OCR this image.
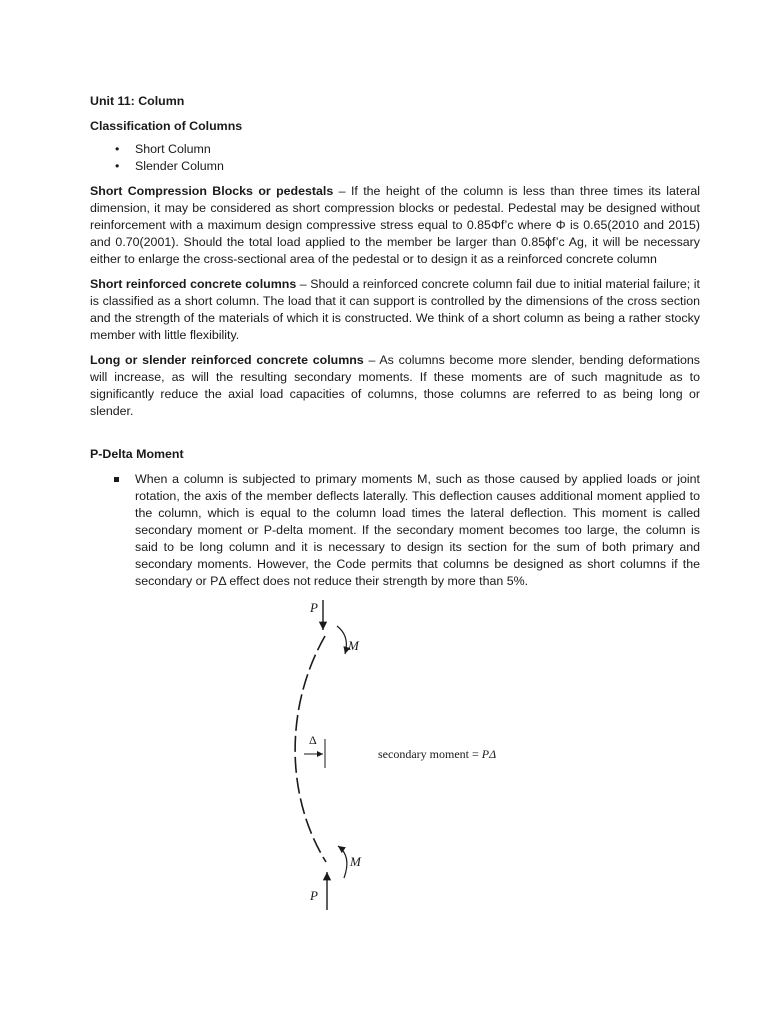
Unit 11: Column

Classification of Columns

• Short Column
• Slender Column

Short Compression Blocks or pedestals – If the height of the column is less than three times its lateral dimension, it may be considered as short compression blocks or pedestal. Pedestal may be designed without reinforcement with a maximum design compressive stress equal to 0.85Φf’c where Φ is 0.65(2010 and 2015) and 0.70(2001). Should the total load applied to the member be larger than 0.85ϕf’c Ag, it will be necessary either to enlarge the cross-sectional area of the pedestal or to design it as a reinforced concrete column

Short reinforced concrete columns – Should a reinforced concrete column fail due to initial material failure; it is classified as a short column. The load that it can support is controlled by the dimensions of the cross section and the strength of the materials of which it is constructed. We think of a short column as being a rather stocky member with little flexibility.

Long or slender reinforced concrete columns – As columns become more slender, bending deformations will increase, as will the resulting secondary moments. If these moments are of such magnitude as to significantly reduce the axial load capacities of columns, those columns are referred to as being long or slender.

P-Delta Moment

When a column is subjected to primary moments M, such as those caused by applied loads or joint rotation, the axis of the member deflects laterally. This deflection causes additional moment applied to the column, which is equal to the column load times the lateral deflection. This moment is called secondary moment or P-delta moment. If the secondary moment becomes too large, the column is said to be long column and it is necessary to design its section for the sum of both primary and secondary moments. However, the Code permits that columns be designed as short columns if the secondary or PΔ effect does not reduce their strength by more than 5%.

P
M
Δ
secondary moment = PΔ
M
P
